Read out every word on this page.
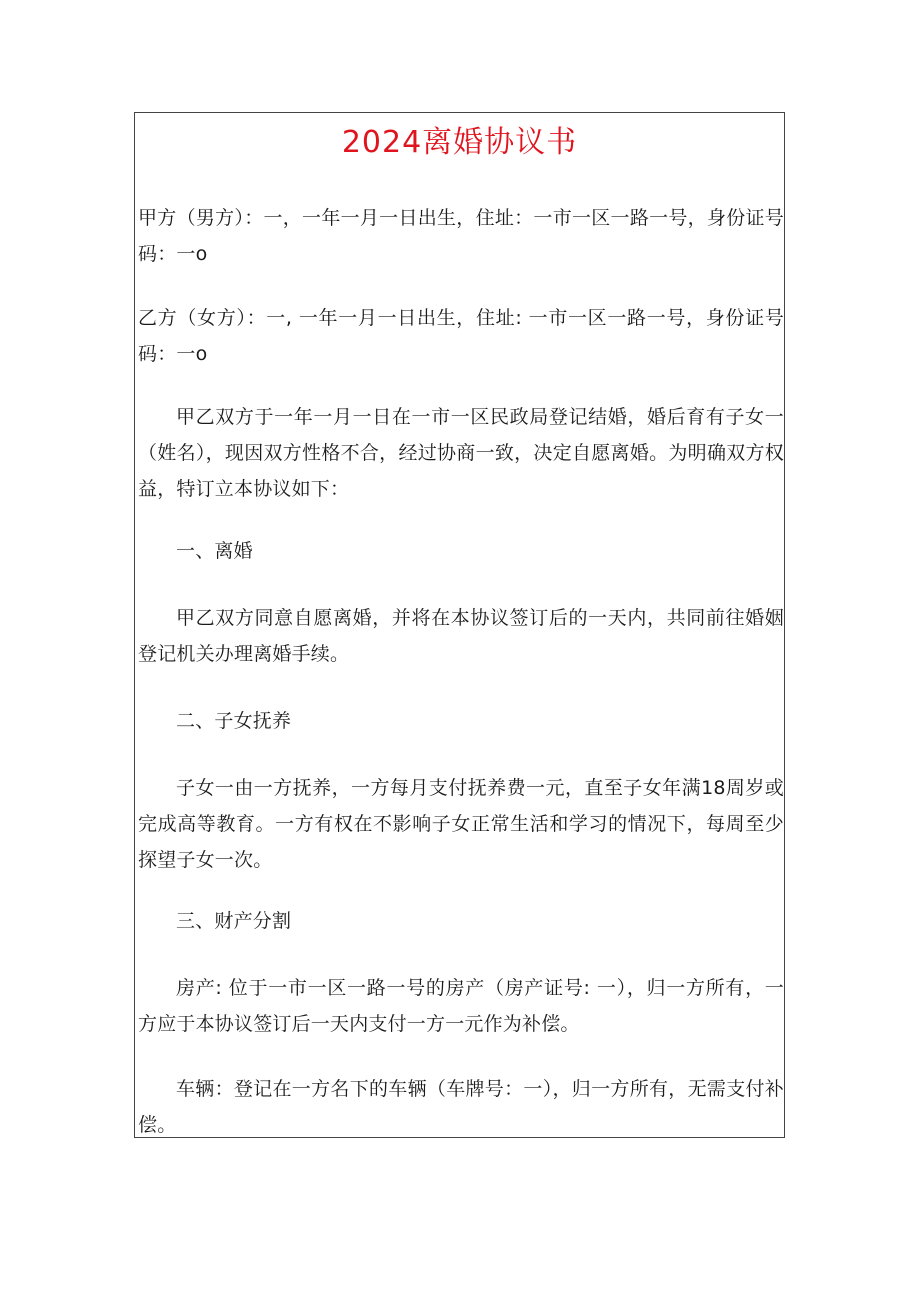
2024离婚协议书

甲方（男方）：一，一年一月一日出生，住址：一市一区一路一号，身份证号码：一o

乙方（女方）：一, 一年一月一日出生，住址: 一市一区一路一号，身份证号码：一o

甲乙双方于一年一月一日在一市一区民政局登记结婚，婚后育有子女一（姓名），现因双方性格不合，经过协商一致，决定自愿离婚。为明确双方权益，特订立本协议如下：

一、离婚

甲乙双方同意自愿离婚，并将在本协议签订后的一天内，共同前往婚姻登记机关办理离婚手续。

二、子女抚养

子女一由一方抚养，一方每月支付抚养费一元，直至子女年满18周岁或完成高等教育。一方有权在不影响子女正常生活和学习的情况下，每周至少探望子女一次。

三、财产分割

房产: 位于一市一区一路一号的房产（房产证号: 一），归一方所有，一方应于本协议签订后一天内支付一方一元作为补偿。

车辆：登记在一方名下的车辆（车牌号：一），归一方所有，无需支付补偿。
